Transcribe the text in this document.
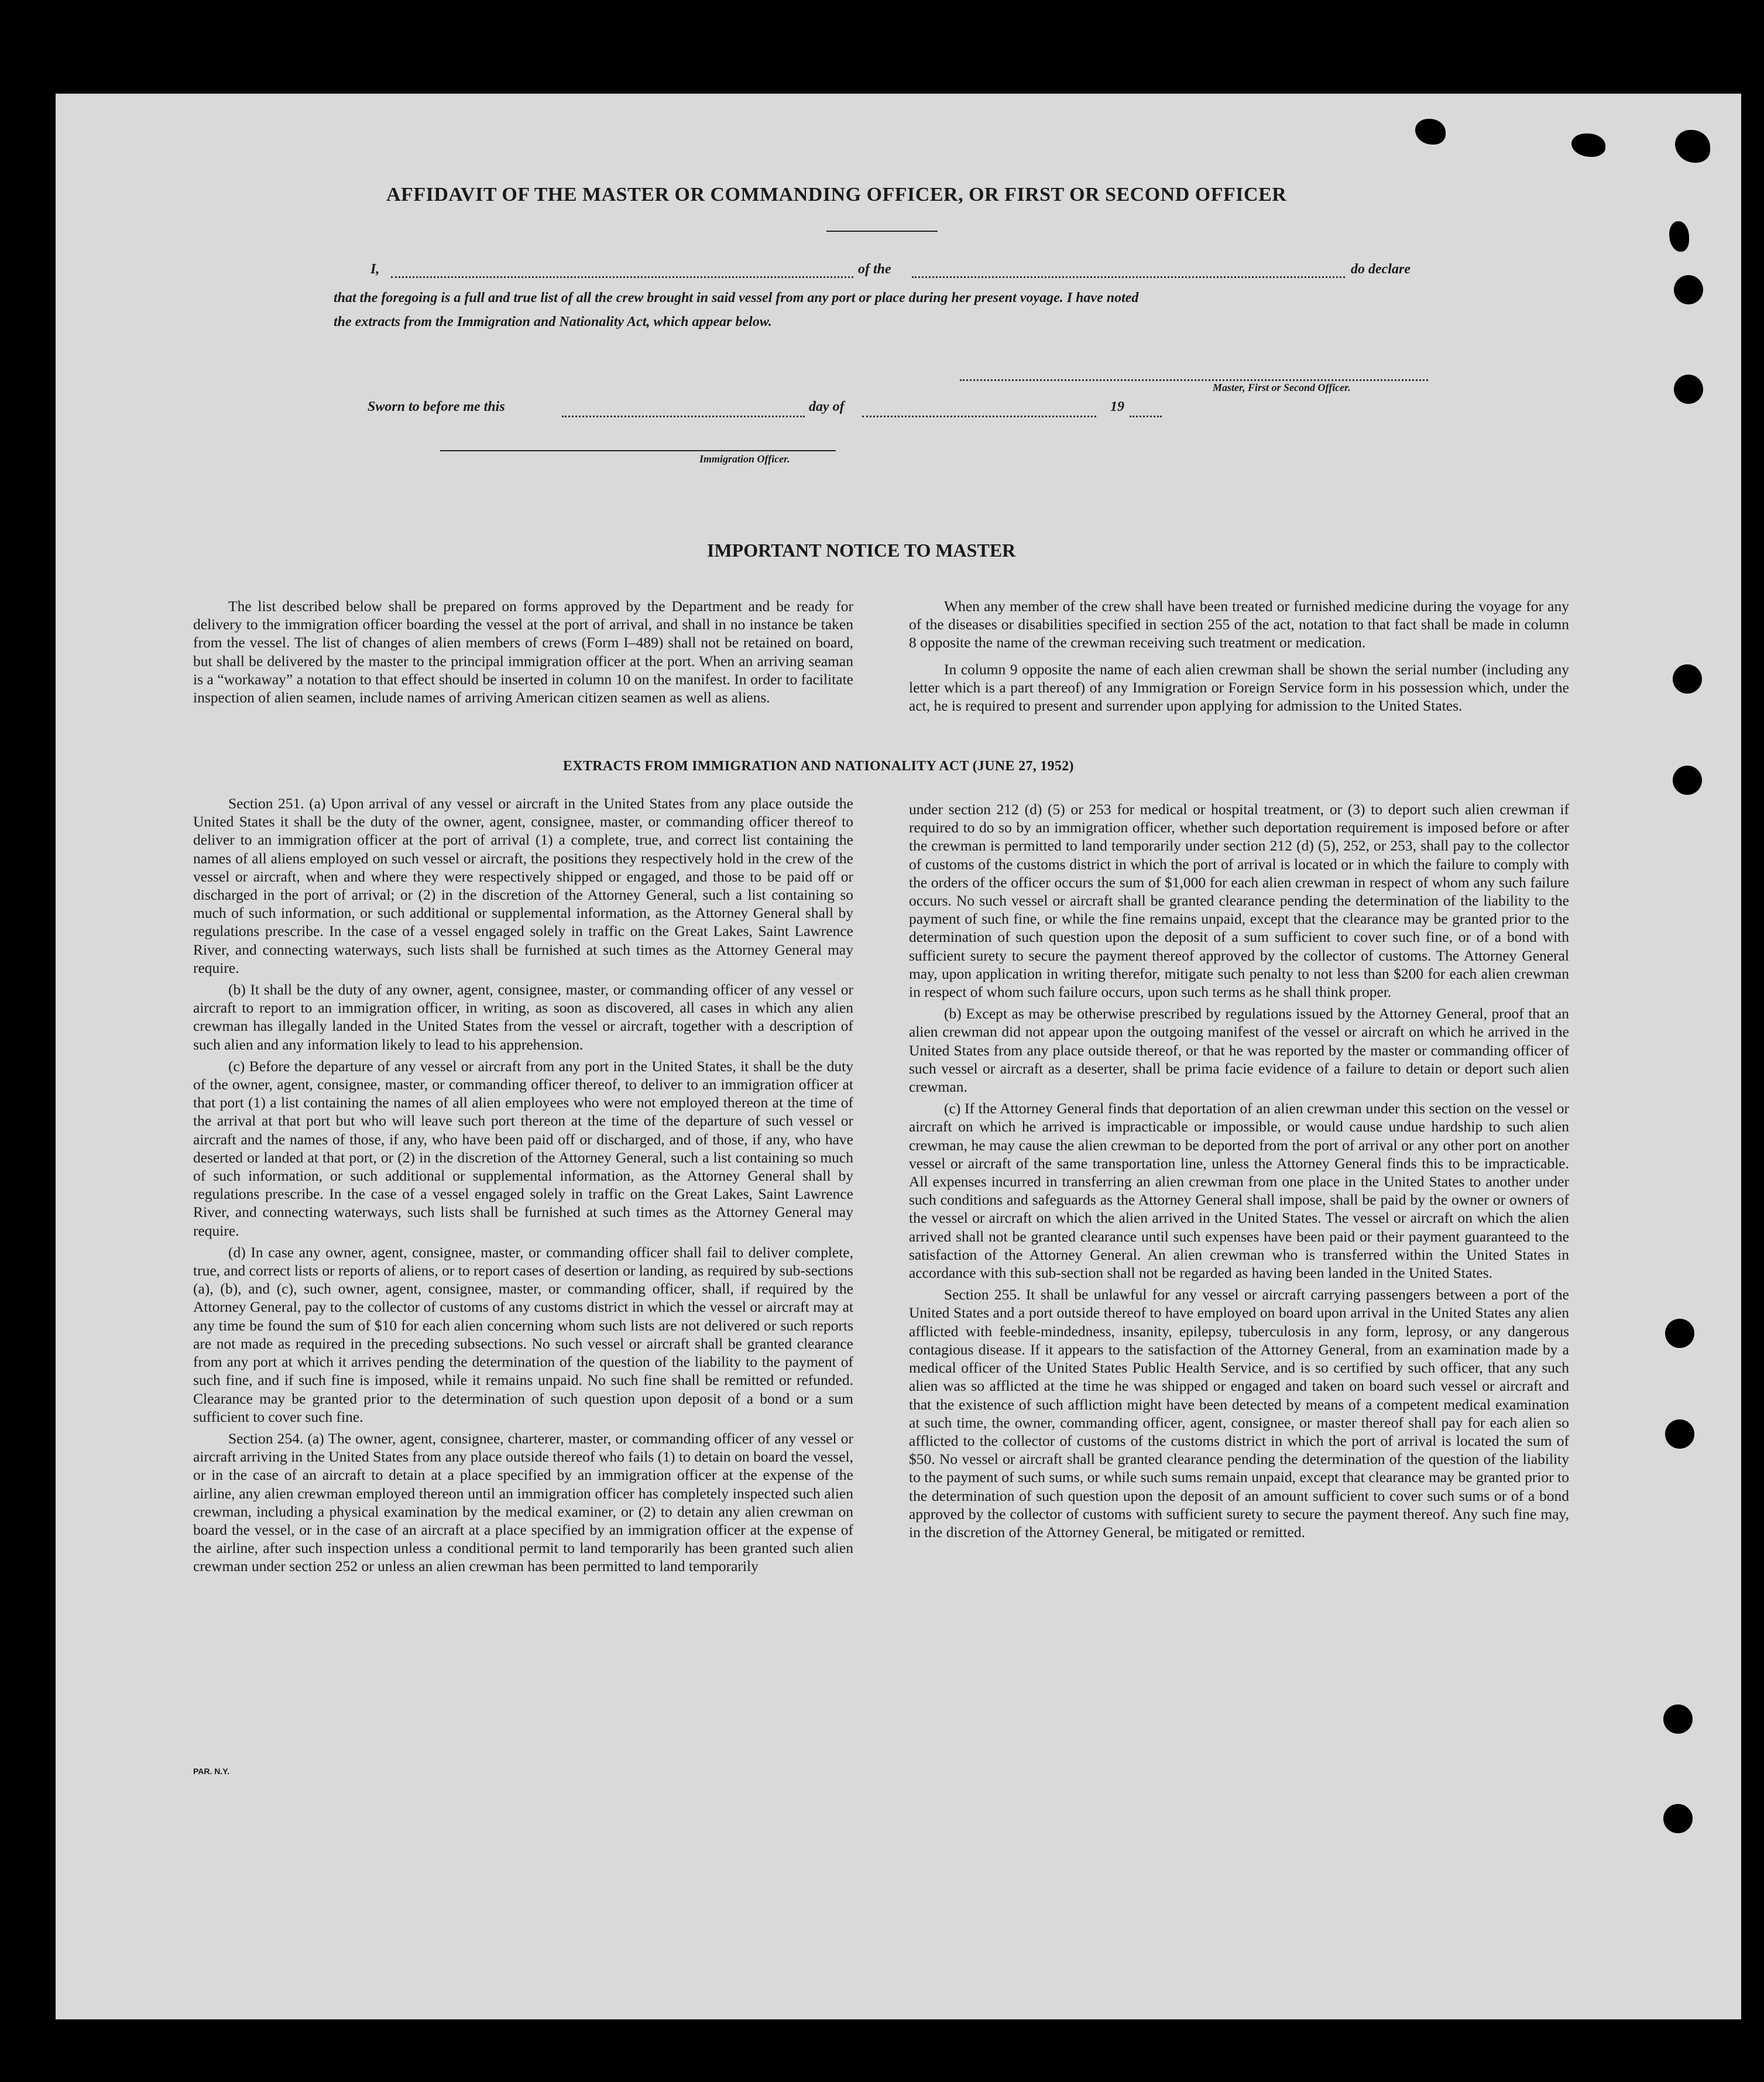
AFFIDAVIT OF THE MASTER OR COMMANDING OFFICER, OR FIRST OR SECOND OFFICER
I,	of the	do declare
that the foregoing is a full and true list of all the crew brought in said vessel from any port or place during her present voyage. I have noted
the extracts from the Immigration and Nationality Act, which appear below.
Master, First or Second Officer.
Sworn to before me this	day of	19
Immigration Officer.
IMPORTANT NOTICE TO MASTER

The list described below shall be prepared on forms approved by the Department and be ready for delivery to the immigration officer boarding the vessel at the port of arrival, and shall in no instance be taken from the vessel. The list of changes of alien members of crews (Form I–489) shall not be retained on board, but shall be delivered by the master to the principal immigration officer at the port. When an arriving seaman is a “workaway” a notation to that effect should be inserted in column 10 on the manifest. In order to facilitate inspection of alien seamen, include names of arriving American citizen seamen as well as aliens.

When any member of the crew shall have been treated or furnished medicine during the voyage for any of the diseases or disabilities specified in section 255 of the act, notation to that fact shall be made in column 8 opposite the name of the crewman receiving such treatment or medication.

In column 9 opposite the name of each alien crewman shall be shown the serial number (including any letter which is a part thereof) of any Immigration or Foreign Service form in his possession which, under the act, he is required to present and surrender upon applying for admission to the United States.

EXTRACTS FROM IMMIGRATION AND NATIONALITY ACT (JUNE 27, 1952)

Section 251. (a) Upon arrival of any vessel or aircraft in the United States from any place outside the United States it shall be the duty of the owner, agent, consignee, master, or commanding officer thereof to deliver to an immigration officer at the port of arrival (1) a complete, true, and correct list containing the names of all aliens employed on such vessel or aircraft, the positions they respectively hold in the crew of the vessel or aircraft, when and where they were respectively shipped or engaged, and those to be paid off or discharged in the port of arrival; or (2) in the discretion of the Attorney General, such a list containing so much of such information, or such additional or supplemental information, as the Attorney General shall by regulations prescribe. In the case of a vessel engaged solely in traffic on the Great Lakes, Saint Lawrence River, and connecting waterways, such lists shall be furnished at such times as the Attorney General may require.

(b) It shall be the duty of any owner, agent, consignee, master, or commanding officer of any vessel or aircraft to report to an immigration officer, in writing, as soon as discovered, all cases in which any alien crewman has illegally landed in the United States from the vessel or aircraft, together with a description of such alien and any information likely to lead to his apprehension.

(c) Before the departure of any vessel or aircraft from any port in the United States, it shall be the duty of the owner, agent, consignee, master, or commanding officer thereof, to deliver to an immigration officer at that port (1) a list containing the names of all alien employees who were not employed thereon at the time of the arrival at that port but who will leave such port thereon at the time of the departure of such vessel or aircraft and the names of those, if any, who have been paid off or discharged, and of those, if any, who have deserted or landed at that port, or (2) in the discretion of the Attorney General, such a list containing so much of such information, or such additional or supplemental information, as the Attorney General shall by regulations prescribe. In the case of a vessel engaged solely in traffic on the Great Lakes, Saint Lawrence River, and connecting waterways, such lists shall be furnished at such times as the Attorney General may require.

(d) In case any owner, agent, consignee, master, or commanding officer shall fail to deliver complete, true, and correct lists or reports of aliens, or to report cases of desertion or landing, as required by sub-sections (a), (b), and (c), such owner, agent, consignee, master, or commanding officer, shall, if required by the Attorney General, pay to the collector of customs of any customs district in which the vessel or aircraft may at any time be found the sum of $10 for each alien concerning whom such lists are not delivered or such reports are not made as required in the preceding subsections. No such vessel or aircraft shall be granted clearance from any port at which it arrives pending the determination of the question of the liability to the payment of such fine, and if such fine is imposed, while it remains unpaid. No such fine shall be remitted or refunded. Clearance may be granted prior to the determination of such question upon deposit of a bond or a sum sufficient to cover such fine.

Section 254. (a) The owner, agent, consignee, charterer, master, or commanding officer of any vessel or aircraft arriving in the United States from any place outside thereof who fails (1) to detain on board the vessel, or in the case of an aircraft to detain at a place specified by an immigration officer at the expense of the airline, any alien crewman employed thereon until an immigration officer has completely inspected such alien crewman, including a physical examination by the medical examiner, or (2) to detain any alien crewman on board the vessel, or in the case of an aircraft at a place specified by an immigration officer at the expense of the airline, after such inspection unless a conditional permit to land temporarily has been granted such alien crewman under section 252 or unless an alien crewman has been permitted to land temporarily

under section 212 (d) (5) or 253 for medical or hospital treatment, or (3) to deport such alien crewman if required to do so by an immigration officer, whether such deportation requirement is imposed before or after the crewman is permitted to land temporarily under section 212 (d) (5), 252, or 253, shall pay to the collector of customs of the customs district in which the port of arrival is located or in which the failure to comply with the orders of the officer occurs the sum of $1,000 for each alien crewman in respect of whom any such failure occurs. No such vessel or aircraft shall be granted clearance pending the determination of the liability to the payment of such fine, or while the fine remains unpaid, except that the clearance may be granted prior to the determination of such question upon the deposit of a sum sufficient to cover such fine, or of a bond with sufficient surety to secure the payment thereof approved by the collector of customs. The Attorney General may, upon application in writing therefor, mitigate such penalty to not less than $200 for each alien crewman in respect of whom such failure occurs, upon such terms as he shall think proper.

(b) Except as may be otherwise prescribed by regulations issued by the Attorney General, proof that an alien crewman did not appear upon the outgoing manifest of the vessel or aircraft on which he arrived in the United States from any place outside thereof, or that he was reported by the master or commanding officer of such vessel or aircraft as a deserter, shall be prima facie evidence of a failure to detain or deport such alien crewman.

(c) If the Attorney General finds that deportation of an alien crewman under this section on the vessel or aircraft on which he arrived is impracticable or impossible, or would cause undue hardship to such alien crewman, he may cause the alien crewman to be deported from the port of arrival or any other port on another vessel or aircraft of the same transportation line, unless the Attorney General finds this to be impracticable. All expenses incurred in transferring an alien crewman from one place in the United States to another under such conditions and safeguards as the Attorney General shall impose, shall be paid by the owner or owners of the vessel or aircraft on which the alien arrived in the United States. The vessel or aircraft on which the alien arrived shall not be granted clearance until such expenses have been paid or their payment guaranteed to the satisfaction of the Attorney General. An alien crewman who is transferred within the United States in accordance with this sub-section shall not be regarded as having been landed in the United States.

Section 255. It shall be unlawful for any vessel or aircraft carrying passengers between a port of the United States and a port outside thereof to have employed on board upon arrival in the United States any alien afflicted with feeble-mindedness, insanity, epilepsy, tuberculosis in any form, leprosy, or any dangerous contagious disease. If it appears to the satisfaction of the Attorney General, from an examination made by a medical officer of the United States Public Health Service, and is so certified by such officer, that any such alien was so afflicted at the time he was shipped or engaged and taken on board such vessel or aircraft and that the existence of such affliction might have been detected by means of a competent medical examination at such time, the owner, commanding officer, agent, consignee, or master thereof shall pay for each alien so afflicted to the collector of customs of the customs district in which the port of arrival is located the sum of $50. No vessel or aircraft shall be granted clearance pending the determination of the question of the liability to the payment of such sums, or while such sums remain unpaid, except that clearance may be granted prior to the determination of such question upon the deposit of an amount sufficient to cover such sums or of a bond approved by the collector of customs with sufficient surety to secure the payment thereof. Any such fine may, in the discretion of the Attorney General, be mitigated or remitted.

PAR. N.Y.
